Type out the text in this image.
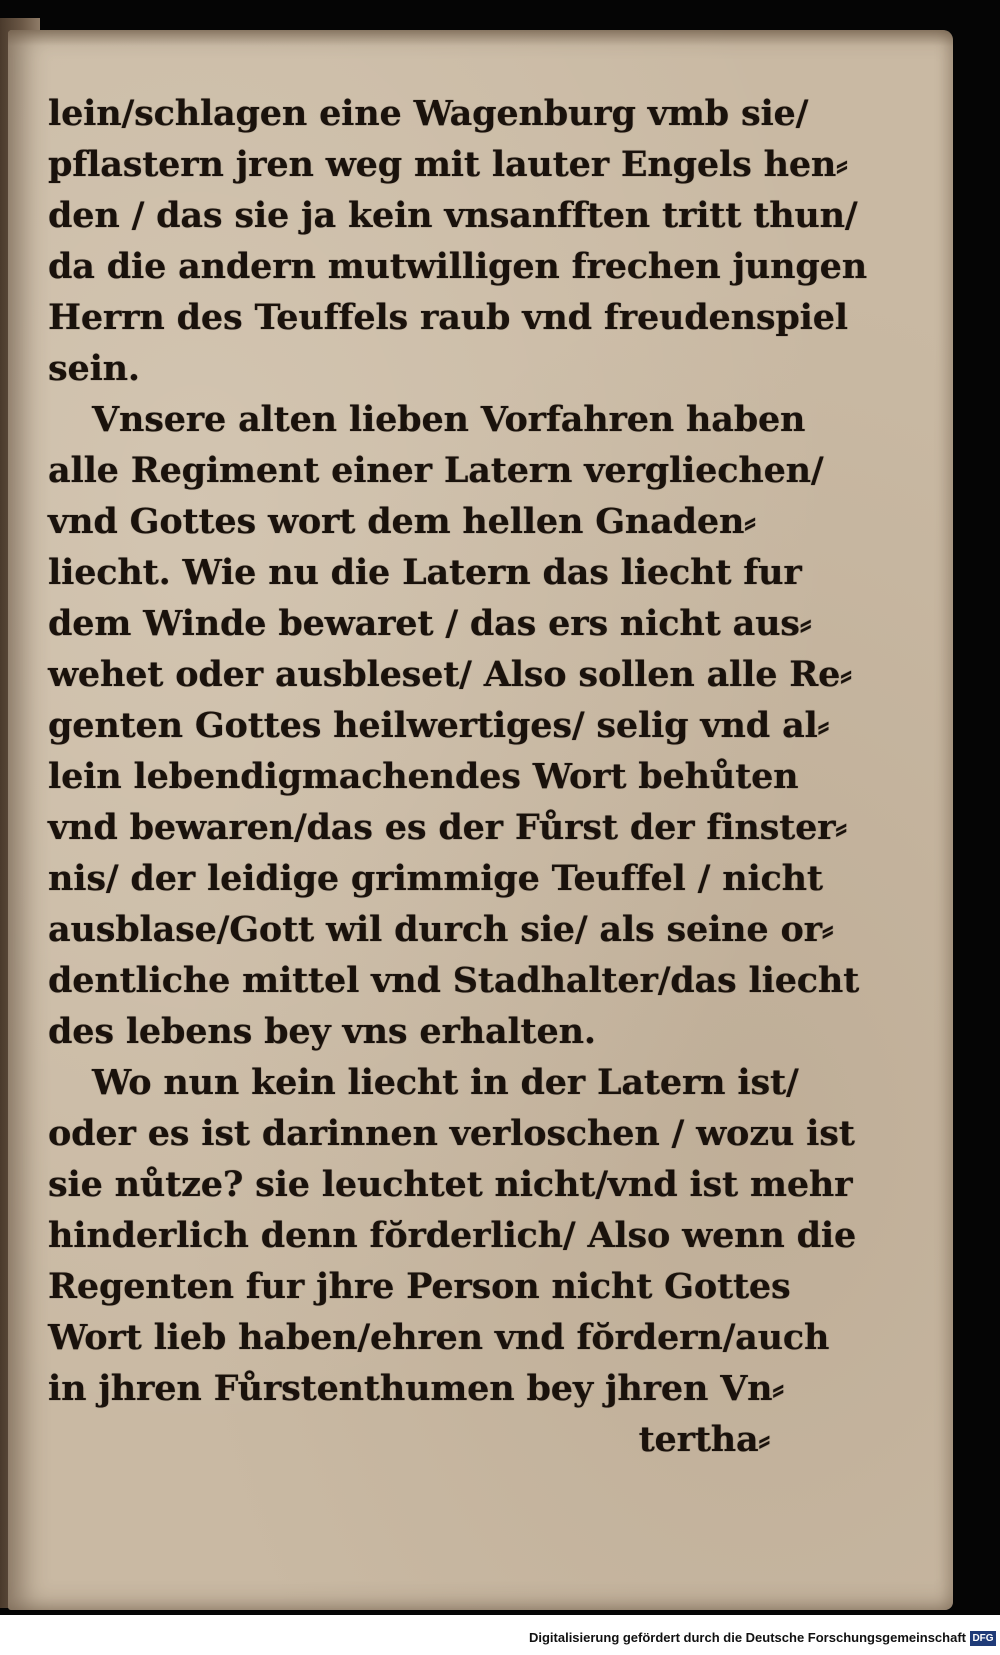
lein/schlagen eine Wagenburg vmb sie/
pflastern jren weg mit lauter Engels hen⸗
den / das sie ja kein vnsanfften tritt thun/
da die andern mutwilligen frechen jungen
Herrn des Teuffels raub vnd freudenspiel
sein.
Vnsere alten lieben Vorfahren haben
alle Regiment einer Latern vergliechen/
vnd Gottes wort dem hellen Gnaden⸗
liecht. Wie nu die Latern das liecht fur
dem Winde bewaret / das ers nicht aus⸗
wehet oder ausbleset/ Also sollen alle Re⸗
genten Gottes heilwertiges/ selig vnd al⸗
lein lebendigmachendes Wort behůten
vnd bewaren/das es der Fůrst der finster⸗
nis/ der leidige grimmige Teuffel / nicht
ausblase/Gott wil durch sie/ als seine or⸗
dentliche mittel vnd Stadhalter/das liecht
des lebens bey vns erhalten.
Wo nun kein liecht in der Latern ist/
oder es ist darinnen verloschen / wozu ist
sie nůtze? sie leuchtet nicht/vnd ist mehr
hinderlich denn fŏrderlich/ Also wenn die
Regenten fur jhre Person nicht Gottes
Wort lieb haben/ehren vnd fŏrdern/auch
in jhren Fůrstenthumen bey jhren Vn⸗
tertha⸗
Digitalisierung gefördert durch die Deutsche Forschungsgemeinschaft DFG
